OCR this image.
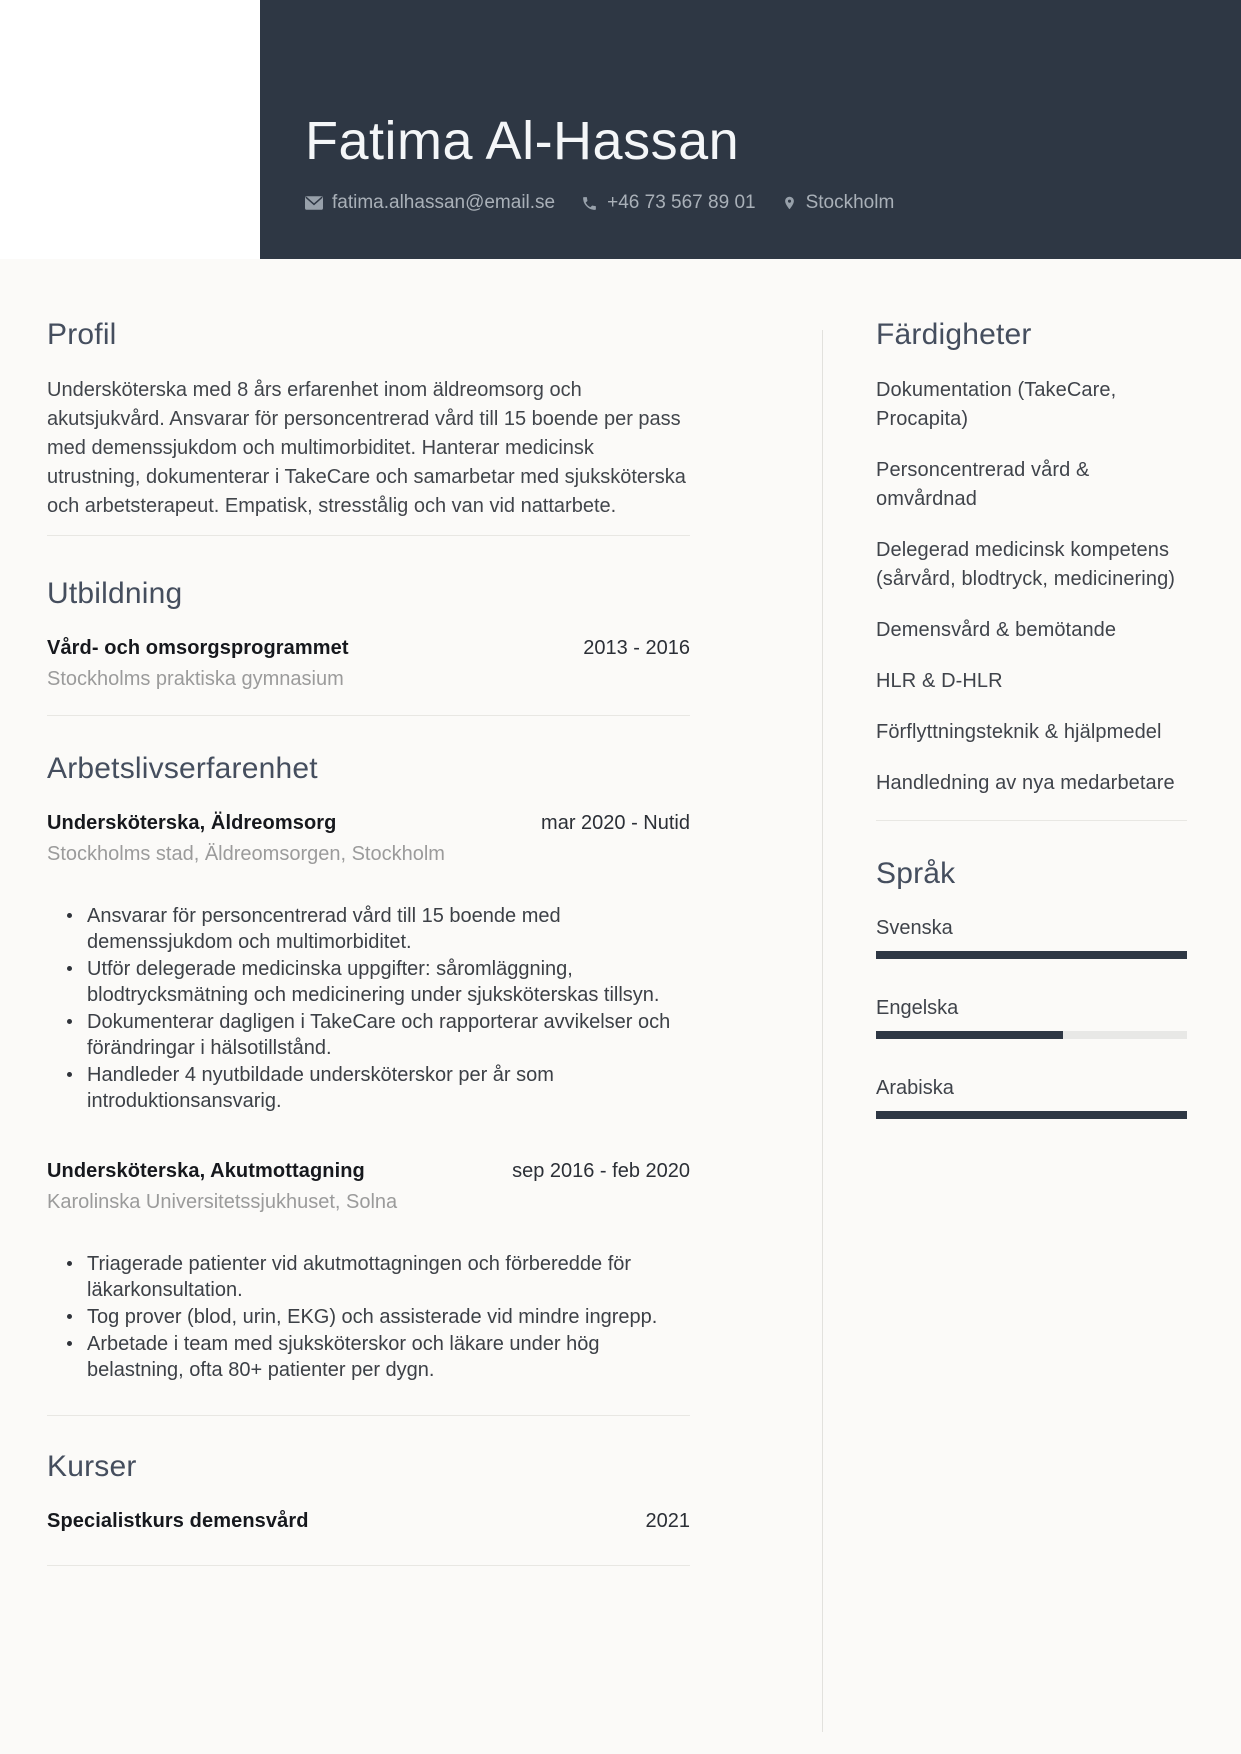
Fatima Al-Hassan
fatima.alhassan@email.se	+46 73 567 89 01	Stockholm
Profil
Undersköterska med 8 års erfarenhet inom äldreomsorg och akutsjukvård. Ansvarar för personcentrerad vård till 15 boende per pass med demenssjukdom och multimorbiditet. Hanterar medicinsk utrustning, dokumenterar i TakeCare och samarbetar med sjuksköterska och arbetsterapeut. Empatisk, stresstålig och van vid nattarbete.
Utbildning
Vård- och omsorgsprogrammet	2013 - 2016
Stockholms praktiska gymnasium
Arbetslivserfarenhet
Undersköterska, Äldreomsorg	mar 2020 - Nutid
Stockholms stad, Äldreomsorgen, Stockholm
Ansvarar för personcentrerad vård till 15 boende med demenssjukdom och multimorbiditet.
Utför delegerade medicinska uppgifter: såromläggning, blodtrycksmätning och medicinering under sjuksköterskas tillsyn.
Dokumenterar dagligen i TakeCare och rapporterar avvikelser och förändringar i hälsotillstånd.
Handleder 4 nyutbildade undersköterskor per år som introduktionsansvarig.
Undersköterska, Akutmottagning	sep 2016 - feb 2020
Karolinska Universitetssjukhuset, Solna
Triagerade patienter vid akutmottagningen och förberedde för läkarkonsultation.
Tog prover (blod, urin, EKG) och assisterade vid mindre ingrepp.
Arbetade i team med sjuksköterskor och läkare under hög belastning, ofta 80+ patienter per dygn.
Kurser
Specialistkurs demensvård	2021
Färdigheter
Dokumentation (TakeCare, Procapita)
Personcentrerad vård & omvårdnad
Delegerad medicinsk kompetens (sårvård, blodtryck, medicinering)
Demensvård & bemötande
HLR & D-HLR
Förflyttningsteknik & hjälpmedel
Handledning av nya medarbetare
Språk
Svenska
Engelska
Arabiska
